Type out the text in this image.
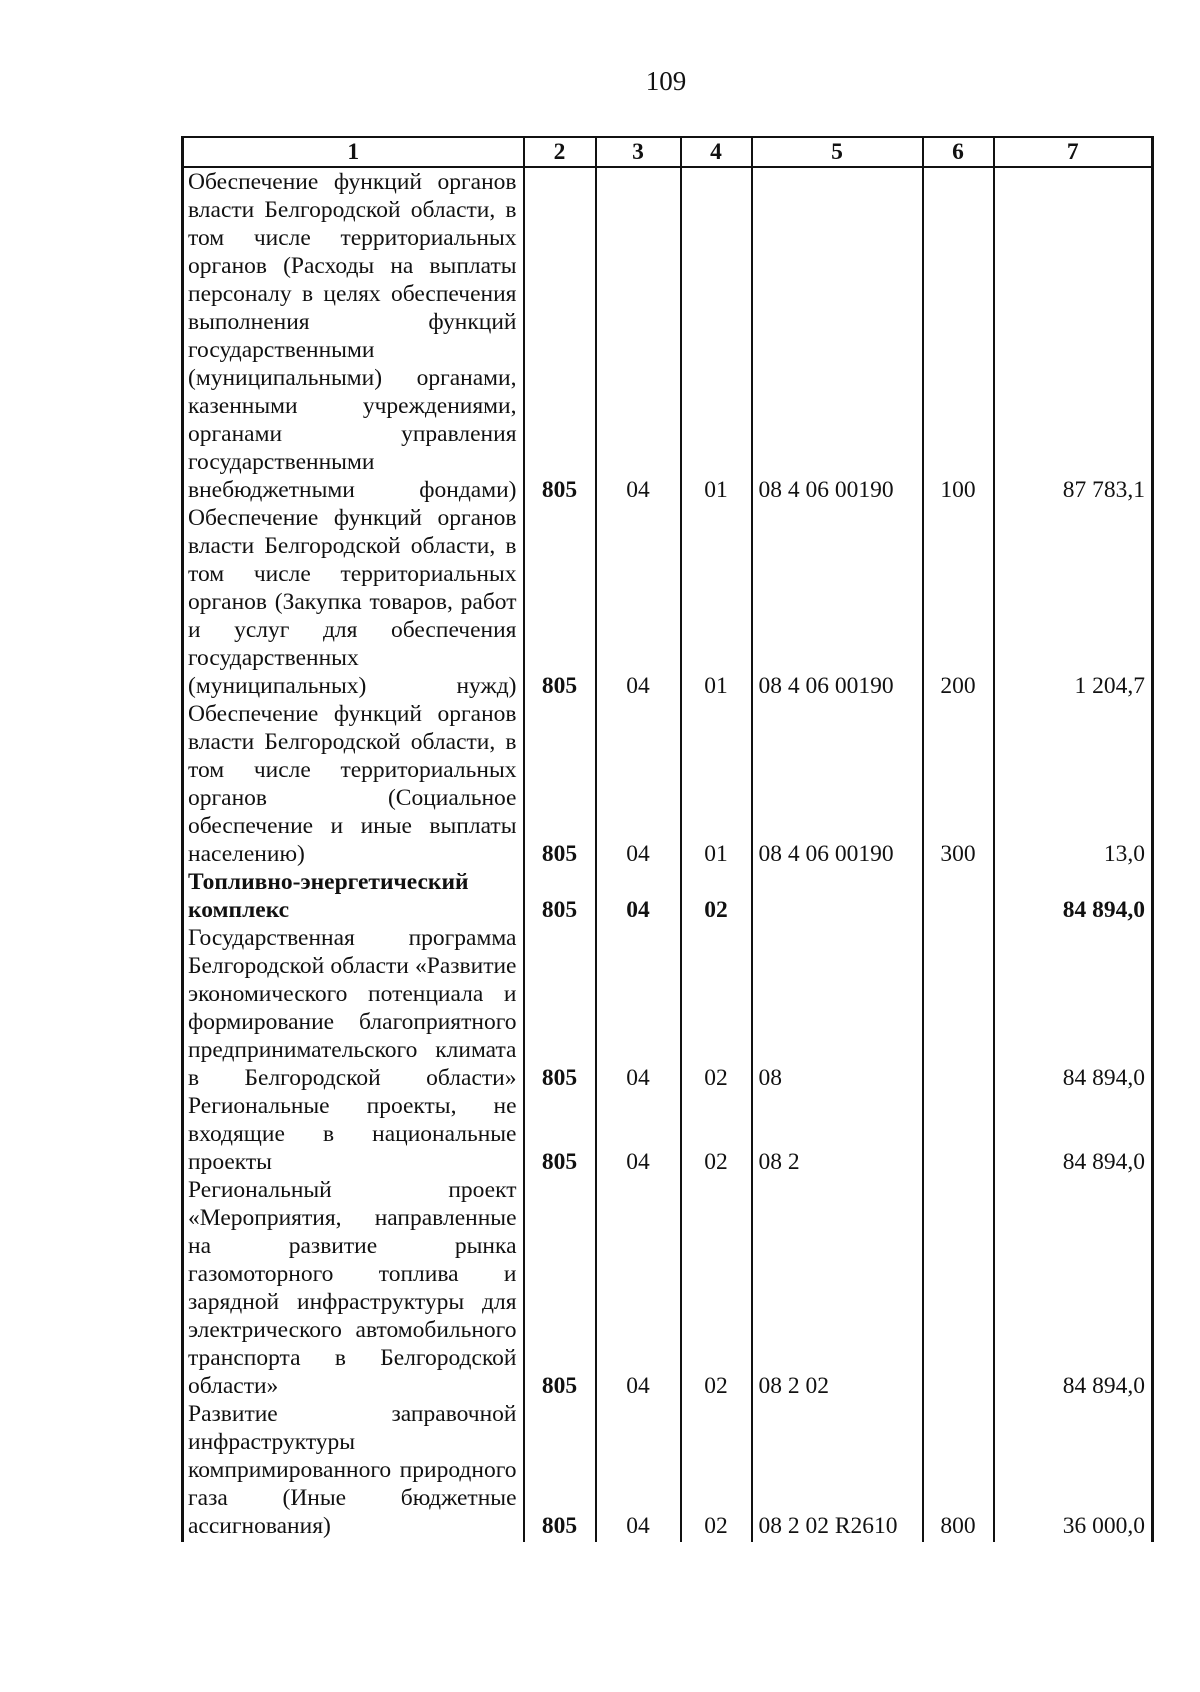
109
1	2	3	4	5	6	7
Обеспечение функций органов власти Белгородской области, в том числе территориальных органов (Расходы на выплаты персоналу в целях обеспечения выполнения функций государственными (муниципальными) органами, казенными учреждениями, органами управления государственными внебюджетными фондами)	805	04	01	08 4 06 00190	100	87 783,1
Обеспечение функций органов власти Белгородской области, в том числе территориальных органов (Закупка товаров, работ и услуг для обеспечения государственных (муниципальных) нужд)	805	04	01	08 4 06 00190	200	1 204,7
Обеспечение функций органов власти Белгородской области, в том числе территориальных органов (Социальное обеспечение и иные выплаты населению)	805	04	01	08 4 06 00190	300	13,0
Топливно-энергетический комплекс	805	04	02			84 894,0
Государственная программа Белгородской области «Развитие экономического потенциала и формирование благоприятного предпринимательского климата в Белгородской области»	805	04	02	08		84 894,0
Региональные проекты, не входящие в национальные проекты	805	04	02	08 2		84 894,0
Региональный проект «Мероприятия, направленные на развитие рынка газомоторного топлива и зарядной инфраструктуры для электрического автомобильного транспорта в Белгородской области»	805	04	02	08 2 02		84 894,0
Развитие заправочной инфраструктуры компримированного природного газа (Иные бюджетные ассигнования)	805	04	02	08 2 02 R2610	800	36 000,0
